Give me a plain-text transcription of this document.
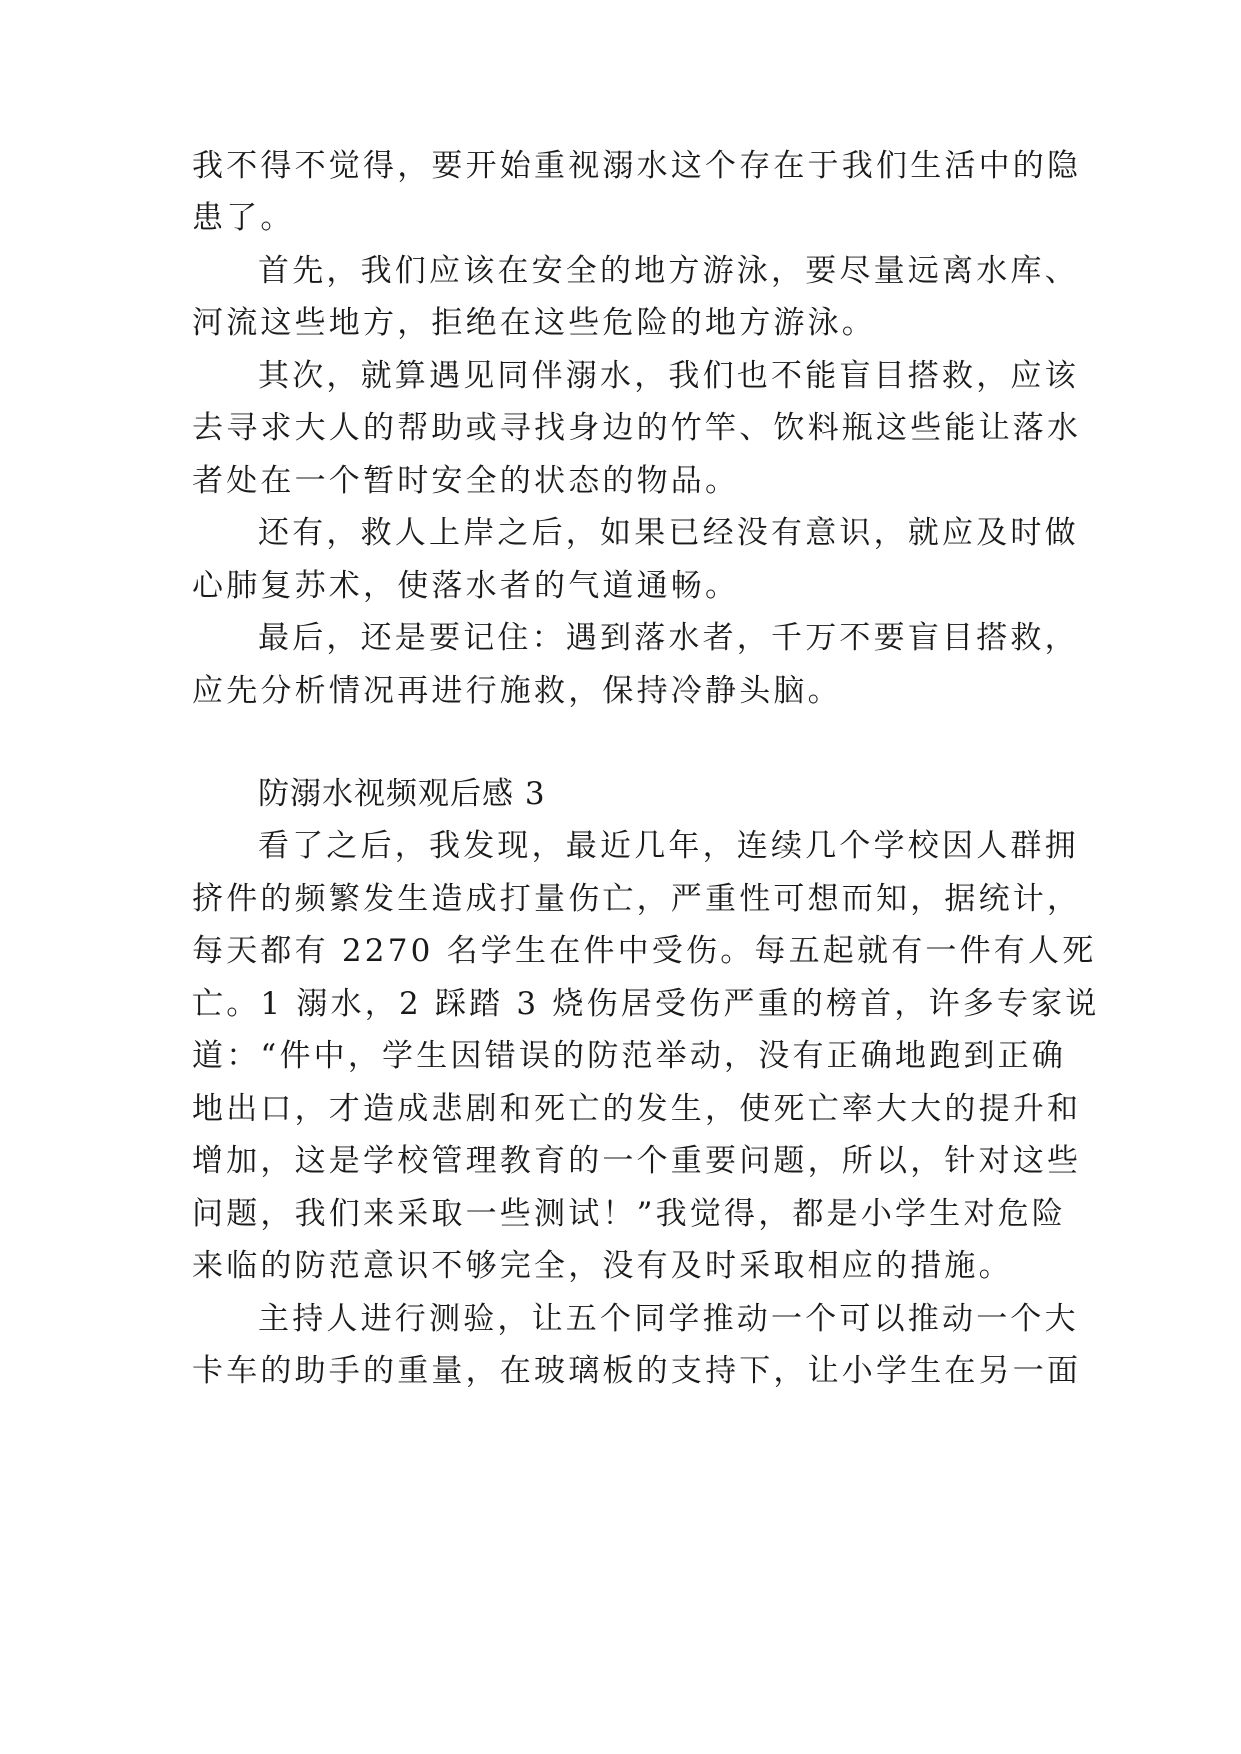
我不得不觉得，要开始重视溺水这个存在于我们生活中的隐
患了。
首先，我们应该在安全的地方游泳，要尽量远离水库、
河流这些地方，拒绝在这些危险的地方游泳。
其次，就算遇见同伴溺水，我们也不能盲目搭救，应该
去寻求大人的帮助或寻找身边的竹竿、饮料瓶这些能让落水
者处在一个暂时安全的状态的物品。
还有，救人上岸之后，如果已经没有意识，就应及时做
心肺复苏术，使落水者的气道通畅。
最后，还是要记住：遇到落水者，千万不要盲目搭救，
应先分析情况再进行施救，保持冷静头脑。
防溺水视频观后感 3
看了之后，我发现，最近几年，连续几个学校因人群拥
挤件的频繁发生造成打量伤亡，严重性可想而知，据统计，
每天都有 2270 名学生在件中受伤。每五起就有一件有人死
亡。1 溺水，2 踩踏 3 烧伤居受伤严重的榜首，许多专家说
道：“件中，学生因错误的防范举动，没有正确地跑到正确
地出口，才造成悲剧和死亡的发生，使死亡率大大的提升和
增加，这是学校管理教育的一个重要问题，所以，针对这些
问题，我们来采取一些测试！”我觉得，都是小学生对危险
来临的防范意识不够完全，没有及时采取相应的措施。
主持人进行测验，让五个同学推动一个可以推动一个大
卡车的助手的重量，在玻璃板的支持下，让小学生在另一面
